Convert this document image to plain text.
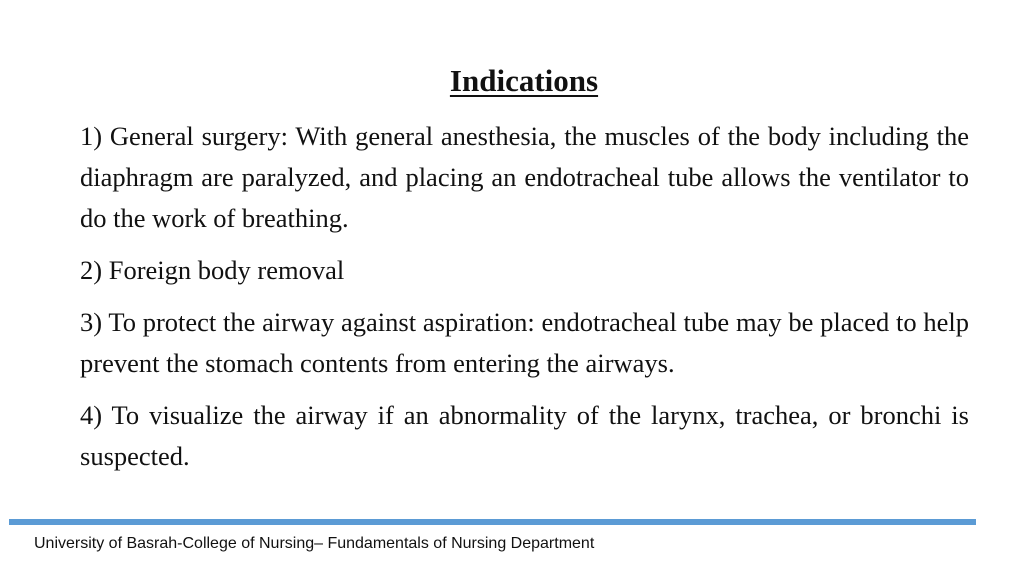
Indications

1) General surgery: With general anesthesia, the muscles of the body including the diaphragm are paralyzed, and placing an endotracheal tube allows the ventilator to do the work of breathing.

2) Foreign body removal

3) To protect the airway against aspiration: endotracheal tube may be placed to help prevent the stomach contents from entering the airways.

4) To visualize the airway if an abnormality of the larynx, trachea, or bronchi is suspected.

University of Basrah-College of Nursing– Fundamentals of Nursing Department
